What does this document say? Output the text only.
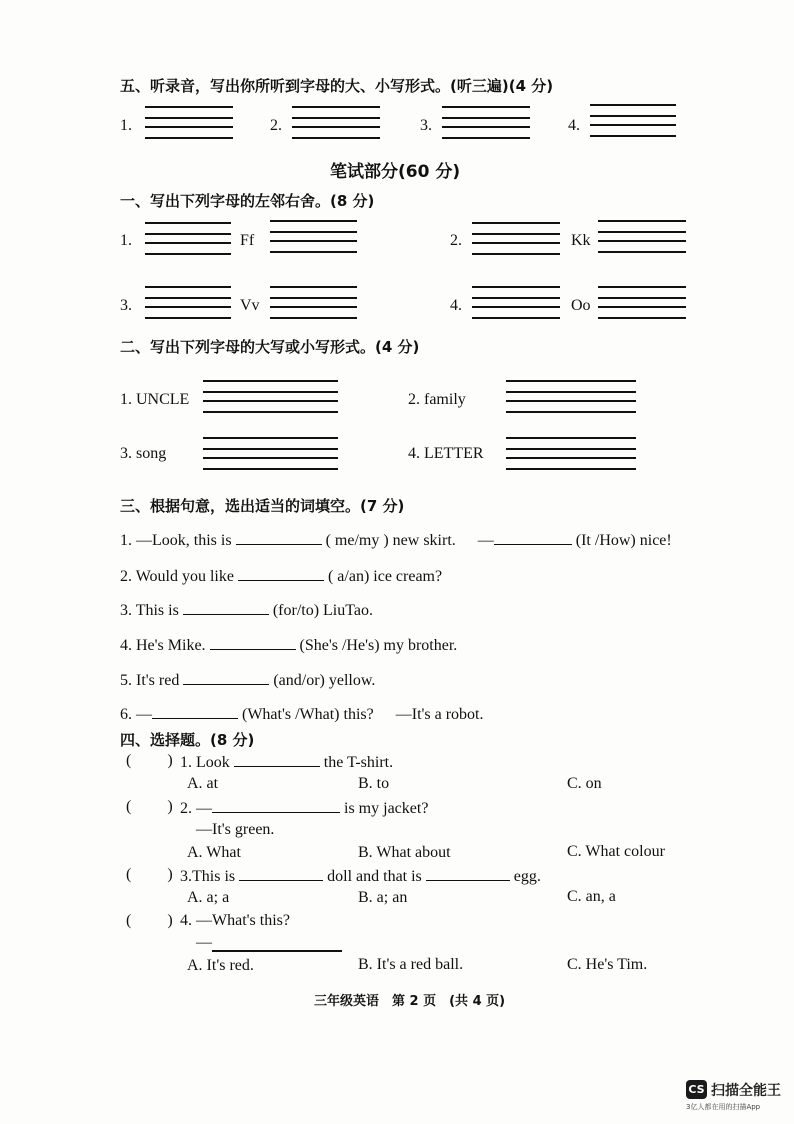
五、听录音，写出你所听到字母的大、小写形式。(听三遍)(4 分)
1.	2.	3.	4.
笔试部分(60 分)
一、写出下列字母的左邻右舍。(8 分)
1.	Ff	2.	Kk
3.	Vv	4.	Oo
二、写出下列字母的大写或小写形式。(4 分)
1. UNCLE	2. family
3. song	4. LETTER
三、根据句意，选出适当的词填空。(7 分)
1. —Look, this is	( me/my ) new skirt. —	(It /How) nice!
2. Would you like	( a/an) ice cream?
3. This is	(for/to) LiuTao.
4. He's Mike.	(She's /He's) my brother.
5. It's red	(and/or) yellow.
6. —	(What's /What) this? —It's a robot.
四、选择题。(8 分)
( ) 1. Look	the T-shirt.
A. at	B. to	C. on
( ) 2. —	is my jacket?
—It's green.
A. What	B. What about	C. What colour
( ) 3.This is	doll and that is	egg.
A. a; a	B. a; an	C. an, a
( ) 4. —What's this?
—
A. It's red.	B. It's a red ball.	C. He's Tim.
三年级英语　第 2 页　(共 4 页)
CS 扫描全能王
3亿人都在用的扫描App
